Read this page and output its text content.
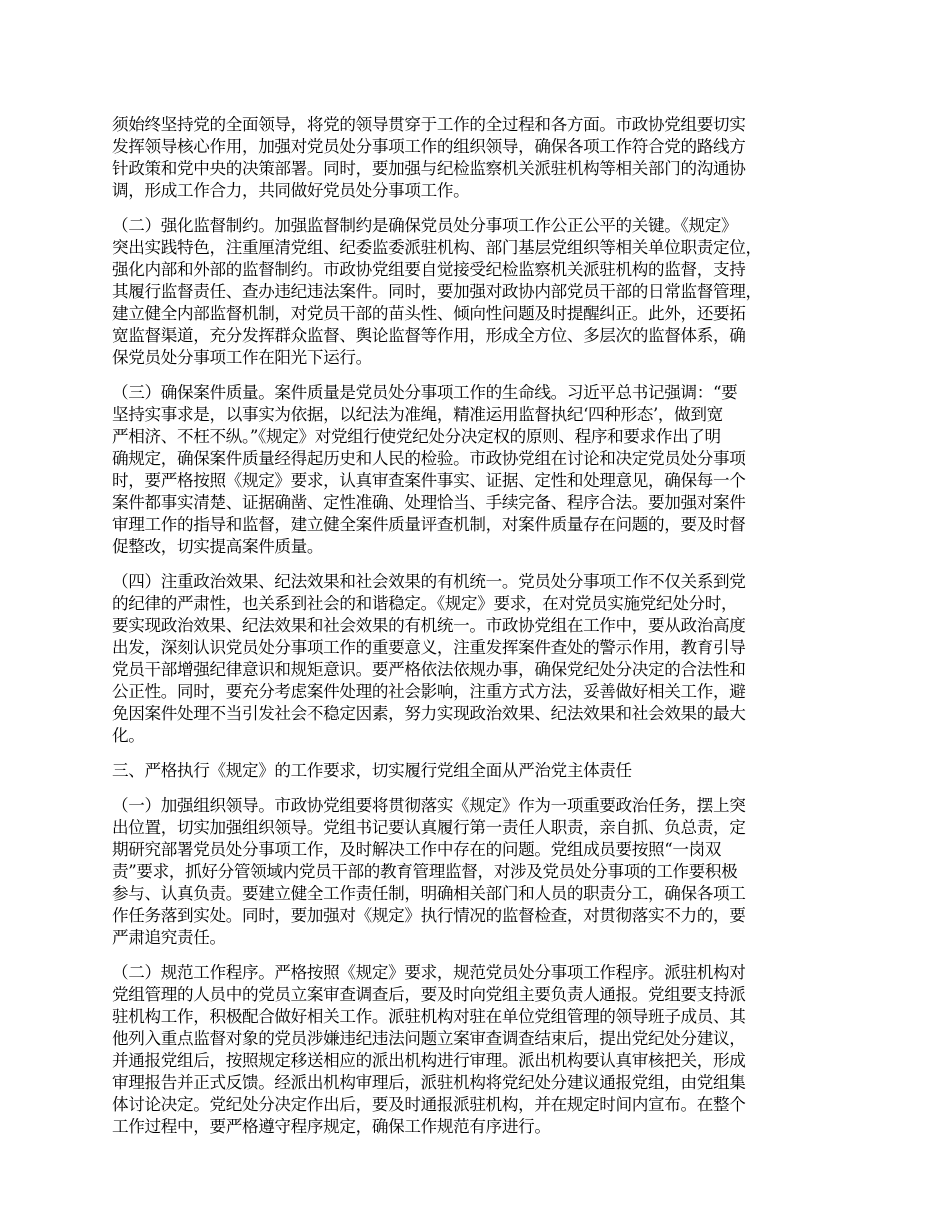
须始终坚持党的全面领导，将党的领导贯穿于工作的全过程和各方面。市政协党组要切实
发挥领导核心作用，加强对党员处分事项工作的组织领导，确保各项工作符合党的路线方
针政策和党中央的决策部署。同时，要加强与纪检监察机关派驻机构等相关部门的沟通协
调，形成工作合力，共同做好党员处分事项工作。
（二）强化监督制约。加强监督制约是确保党员处分事项工作公正公平的关键。《规定》
突出实践特色，注重厘清党组、纪委监委派驻机构、部门基层党组织等相关单位职责定位，
强化内部和外部的监督制约。市政协党组要自觉接受纪检监察机关派驻机构的监督，支持
其履行监督责任、查办违纪违法案件。同时，要加强对政协内部党员干部的日常监督管理，
建立健全内部监督机制，对党员干部的苗头性、倾向性问题及时提醒纠正。此外，还要拓
宽监督渠道，充分发挥群众监督、舆论监督等作用，形成全方位、多层次的监督体系，确
保党员处分事项工作在阳光下运行。
（三）确保案件质量。案件质量是党员处分事项工作的生命线。习近平总书记强调：“要
坚持实事求是，以事实为依据，以纪法为准绳，精准运用监督执纪‘四种形态’，做到宽
严相济、不枉不纵。”《规定》对党组行使党纪处分决定权的原则、程序和要求作出了明
确规定，确保案件质量经得起历史和人民的检验。市政协党组在讨论和决定党员处分事项
时，要严格按照《规定》要求，认真审查案件事实、证据、定性和处理意见，确保每一个
案件都事实清楚、证据确凿、定性准确、处理恰当、手续完备、程序合法。要加强对案件
审理工作的指导和监督，建立健全案件质量评查机制，对案件质量存在问题的，要及时督
促整改，切实提高案件质量。
（四）注重政治效果、纪法效果和社会效果的有机统一。党员处分事项工作不仅关系到党
的纪律的严肃性，也关系到社会的和谐稳定。《规定》要求，在对党员实施党纪处分时，
要实现政治效果、纪法效果和社会效果的有机统一。市政协党组在工作中，要从政治高度
出发，深刻认识党员处分事项工作的重要意义，注重发挥案件查处的警示作用，教育引导
党员干部增强纪律意识和规矩意识。要严格依法依规办事，确保党纪处分决定的合法性和
公正性。同时，要充分考虑案件处理的社会影响，注重方式方法，妥善做好相关工作，避
免因案件处理不当引发社会不稳定因素，努力实现政治效果、纪法效果和社会效果的最大
化。
三、严格执行《规定》的工作要求，切实履行党组全面从严治党主体责任
（一）加强组织领导。市政协党组要将贯彻落实《规定》作为一项重要政治任务，摆上突
出位置，切实加强组织领导。党组书记要认真履行第一责任人职责，亲自抓、负总责，定
期研究部署党员处分事项工作，及时解决工作中存在的问题。党组成员要按照“一岗双
责”要求，抓好分管领域内党员干部的教育管理监督，对涉及党员处分事项的工作要积极
参与、认真负责。要建立健全工作责任制，明确相关部门和人员的职责分工，确保各项工
作任务落到实处。同时，要加强对《规定》执行情况的监督检查，对贯彻落实不力的，要
严肃追究责任。
（二）规范工作程序。严格按照《规定》要求，规范党员处分事项工作程序。派驻机构对
党组管理的人员中的党员立案审查调查后，要及时向党组主要负责人通报。党组要支持派
驻机构工作，积极配合做好相关工作。派驻机构对驻在单位党组管理的领导班子成员、其
他列入重点监督对象的党员涉嫌违纪违法问题立案审查调查结束后，提出党纪处分建议，
并通报党组后，按照规定移送相应的派出机构进行审理。派出机构要认真审核把关，形成
审理报告并正式反馈。经派出机构审理后，派驻机构将党纪处分建议通报党组，由党组集
体讨论决定。党纪处分决定作出后，要及时通报派驻机构，并在规定时间内宣布。在整个
工作过程中，要严格遵守程序规定，确保工作规范有序进行。
